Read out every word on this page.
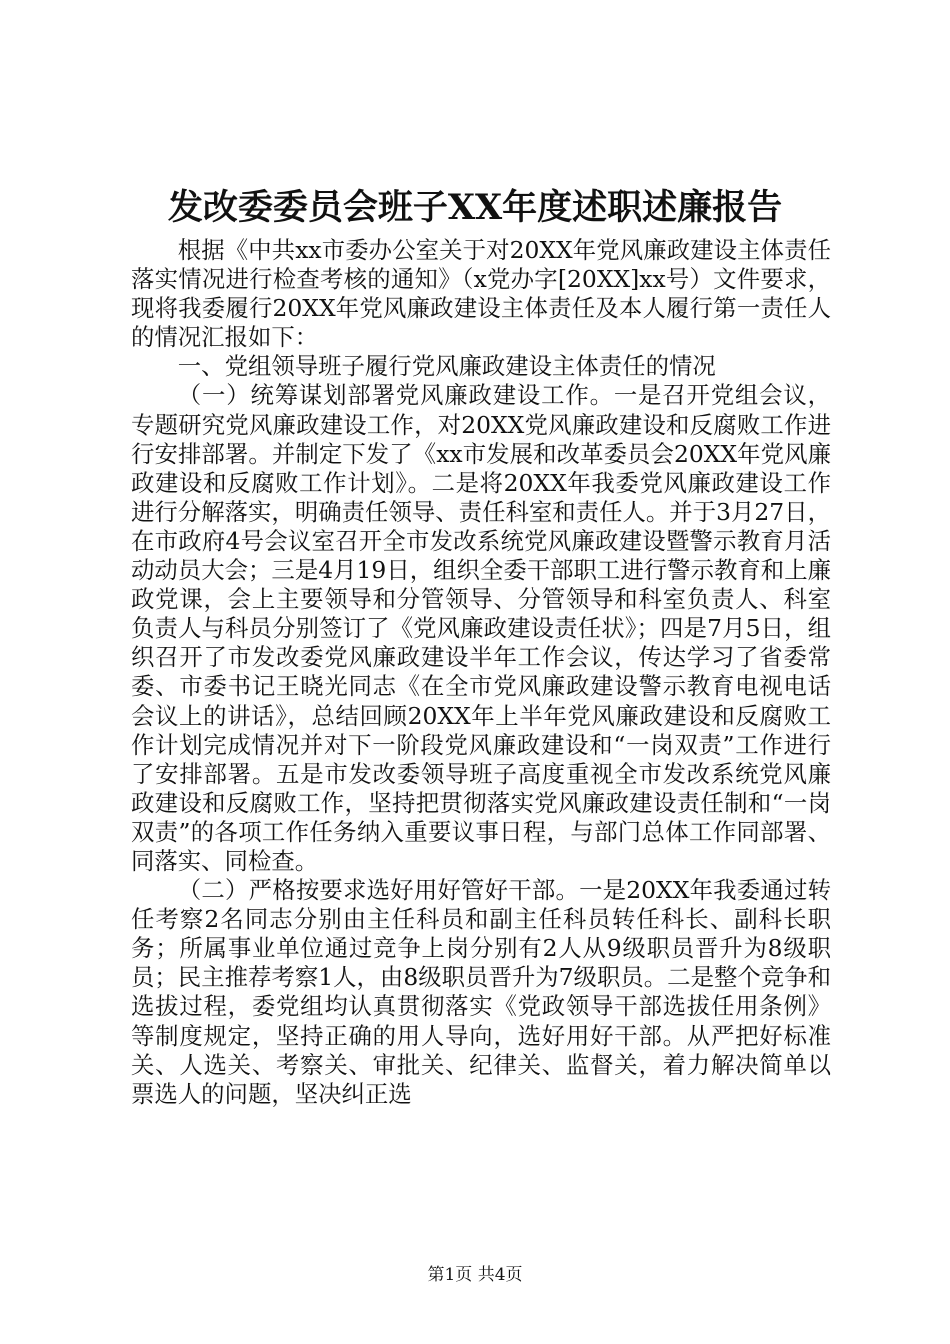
发改委委员会班子XX年度述职述廉报告

根据《中共xx市委办公室关于对20XX年党风廉政建设主体责任落实情况进行检查考核的通知》（x党办字[20XX]xx号）文件要求，现将我委履行20XX年党风廉政建设主体责任及本人履行第一责任人的情况汇报如下：

一、党组领导班子履行党风廉政建设主体责任的情况

（一）统筹谋划部署党风廉政建设工作。一是召开党组会议，专题研究党风廉政建设工作，对20XX党风廉政建设和反腐败工作进行安排部署。并制定下发了《xx市发展和改革委员会20XX年党风廉政建设和反腐败工作计划》。二是将20XX年我委党风廉政建设工作进行分解落实，明确责任领导、责任科室和责任人。并于3月27日，在市政府4号会议室召开全市发改系统党风廉政建设暨警示教育月活动动员大会；三是4月19日，组织全委干部职工进行警示教育和上廉政党课，会上主要领导和分管领导、分管领导和科室负责人、科室负责人与科员分别签订了《党风廉政建设责任状》；四是7月5日，组织召开了市发改委党风廉政建设半年工作会议，传达学习了省委常委、市委书记王晓光同志《在全市党风廉政建设警示教育电视电话会议上的讲话》，总结回顾20XX年上半年党风廉政建设和反腐败工作计划完成情况并对下一阶段党风廉政建设和“一岗双责”工作进行了安排部署。五是市发改委领导班子高度重视全市发改系统党风廉政建设和反腐败工作，坚持把贯彻落实党风廉政建设责任制和“一岗双责”的各项工作任务纳入重要议事日程，与部门总体工作同部署、同落实、同检查。

（二）严格按要求选好用好管好干部。一是20XX年我委通过转任考察2名同志分别由主任科员和副主任科员转任科长、副科长职务；所属事业单位通过竞争上岗分别有2人从9级职员晋升为8级职员；民主推荐考察1人，由8级职员晋升为7级职员。二是整个竞争和选拔过程，委党组均认真贯彻落实《党政领导干部选拔任用条例》等制度规定，坚持正确的用人导向，选好用好干部。从严把好标准关、人选关、考察关、审批关、纪律关、监督关，着力解决简单以票选人的问题，坚决纠正选

第1页 共4页
